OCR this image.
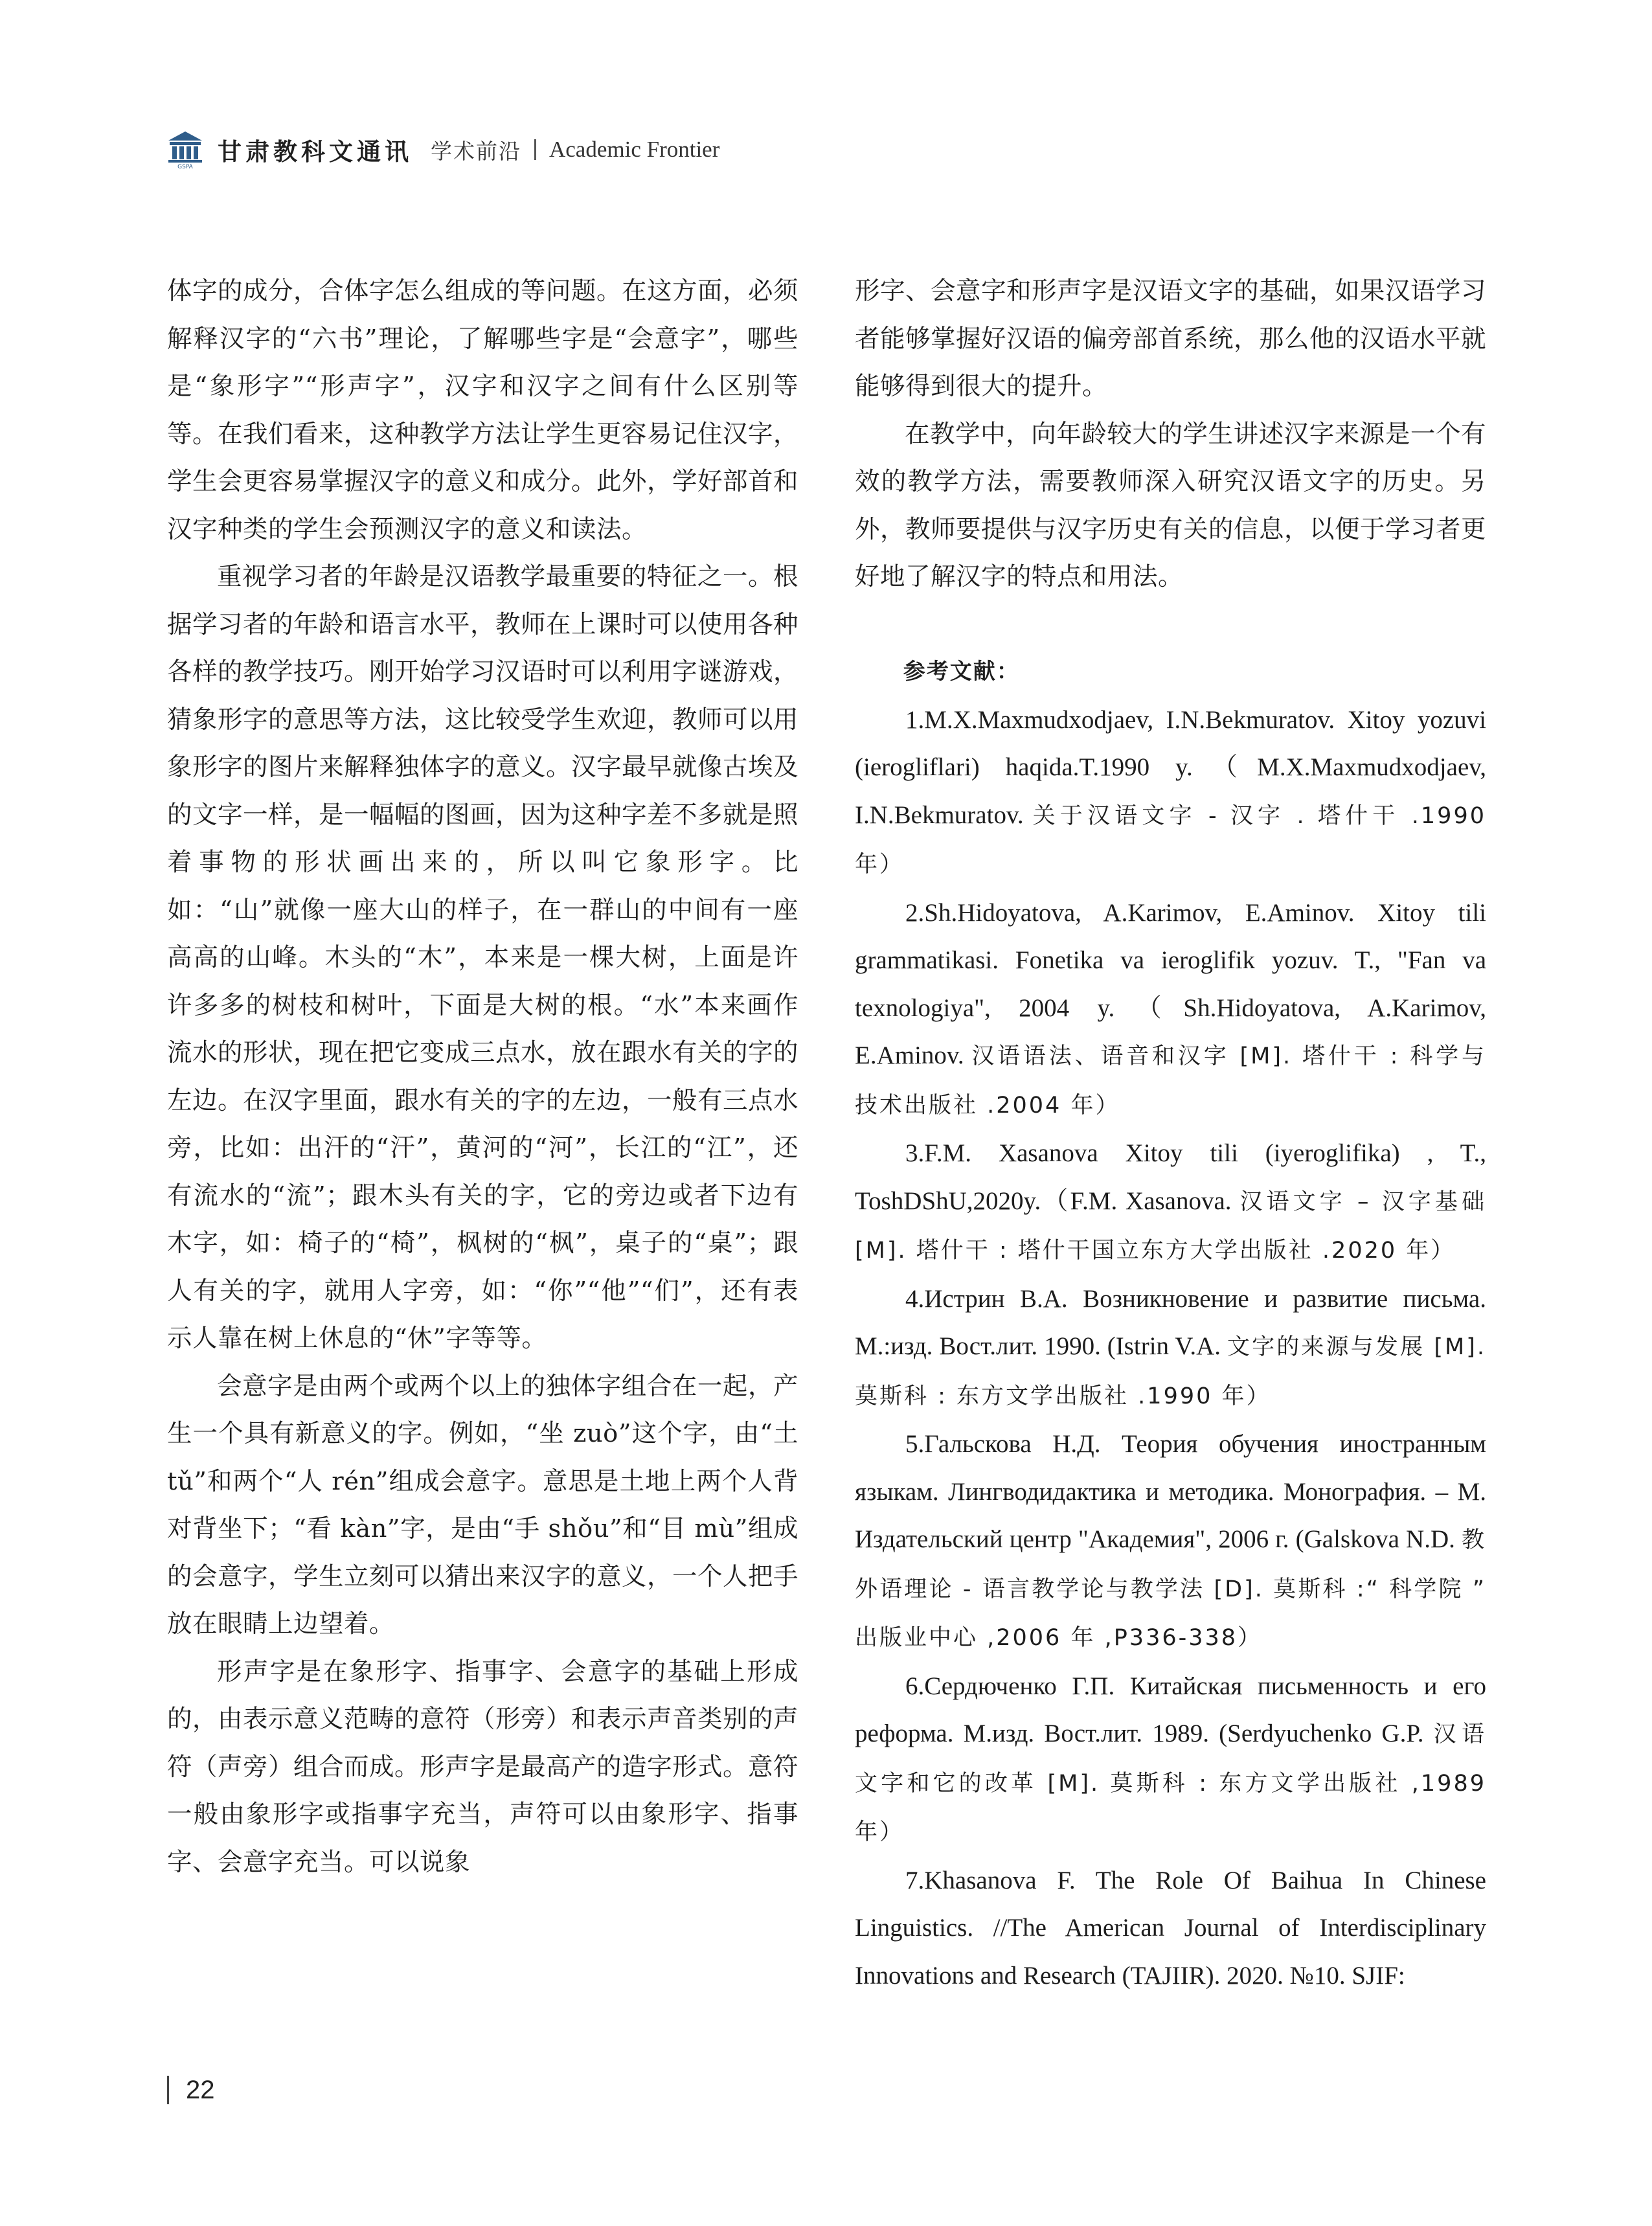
GSPA
甘肃教科文通讯 学术前沿 Academic Frontier

体字的成分，合体字怎么组成的等问题。在这方面，必须解释汉字的“六书”理论，了解哪些字是“会意字”，哪些是“象形字”“形声字”，汉字和汉字之间有什么区别等等。在我们看来，这种教学方法让学生更容易记住汉字，学生会更容易掌握汉字的意义和成分。此外，学好部首和汉字种类的学生会预测汉字的意义和读法。

重视学习者的年龄是汉语教学最重要的特征之一。根据学习者的年龄和语言水平，教师在上课时可以使用各种各样的教学技巧。刚开始学习汉语时可以利用字谜游戏，猜象形字的意思等方法，这比较受学生欢迎，教师可以用象形字的图片来解释独体字的意义。汉字最早就像古埃及的文字一样，是一幅幅的图画，因为这种字差不多就是照着事物的形状画出来的，所以叫它象形字。比如：“山”就像一座大山的样子，在一群山的中间有一座高高的山峰。木头的“木”，本来是一棵大树，上面是许许多多的树枝和树叶，下面是大树的根。“水”本来画作流水的形状，现在把它变成三点水，放在跟水有关的字的左边。在汉字里面，跟水有关的字的左边，一般有三点水旁，比如：出汗的“汗”，黄河的“河”，长江的“江”，还有流水的“流”；跟木头有关的字，它的旁边或者下边有木字，如：椅子的“椅”，枫树的“枫”，桌子的“桌”；跟人有关的字，就用人字旁，如：“你”“他”“们”，还有表示人靠在树上休息的“休”字等等。

会意字是由两个或两个以上的独体字组合在一起，产生一个具有新意义的字。例如，“坐 zuò”这个字，由“土 tǔ”和两个“人 rén”组成会意字。意思是土地上两个人背对背坐下；“看 kàn”字，是由“手 shǒu”和“目 mù”组成的会意字，学生立刻可以猜出来汉字的意义，一个人把手放在眼睛上边望着。

形声字是在象形字、指事字、会意字的基础上形成的，由表示意义范畴的意符（形旁）和表示声音类别的声符（声旁）组合而成。形声字是最高产的造字形式。意符一般由象形字或指事字充当，声符可以由象形字、指事字、会意字充当。可以说象

形字、会意字和形声字是汉语文字的基础，如果汉语学习者能够掌握好汉语的偏旁部首系统，那么他的汉语水平就能够得到很大的提升。

在教学中，向年龄较大的学生讲述汉字来源是一个有效的教学方法，需要教师深入研究汉语文字的历史。另外，教师要提供与汉字历史有关的信息，以便于学习者更好地了解汉字的特点和用法。

参考文献：

1.M.X.Maxmudxodjaev, I.N.Bekmuratov. Xitoy yozuvi (ierogliflari) haqida.T.1990 y.（M.X.Maxmudxodjaev, I.N.Bekmuratov. 关于汉语文字 - 汉字 . 塔什干 .1990 年）

2.Sh.Hidoyatova, A.Karimov, E.Aminov. Xitoy tili grammatikasi. Fonetika va ieroglifik yozuv. T., "Fan va texnologiya", 2004 y.（Sh.Hidoyatova, A.Karimov, E.Aminov. 汉语语法、语音和汉字 [M]. 塔什干 : 科学与技术出版社 .2004 年）

3.F.M. Xasanova Xitoy tili (iyeroglifika) , T., ToshDShU,2020y.（F.M. Xasanova. 汉语文字 – 汉字基础 [M]. 塔什干 : 塔什干国立东方大学出版社 .2020 年）

4.Истрин В.А. Возникновение и развитие письма. М.:изд. Вост.лит. 1990. (Istrin V.A. 文字的来源与发展 [M]. 莫斯科 : 东方文学出版社 .1990 年）

5.Гальскова Н.Д. Теория обучения иностранным языкам. Лингводидактика и методика. Монография. – М. Издательский центр "Академия", 2006 г. (Galskova N.D. 教外语理论 - 语言教学论与教学法 [D]. 莫斯科 :“ 科学院 ” 出版业中心 ,2006 年 ,P336-338）

6.Сердюченко Г.П. Китайская письменность и его реформа. М.изд. Вост.лит. 1989. (Serdyuchenko G.P. 汉语文字和它的改革 [M]. 莫斯科 : 东方文学出版社 ,1989 年）

7.Khasanova F. The Role Of Baihua In Chinese Linguistics. //The American Journal of Interdisciplinary Innovations and Research (TAJIIR). 2020. №10. SJIF:

22
